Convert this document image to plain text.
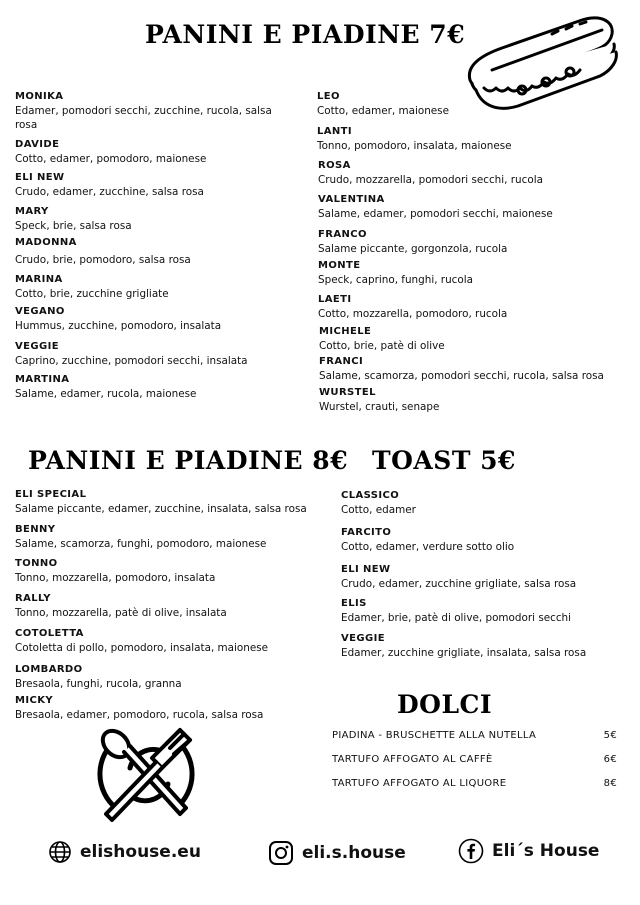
PANINI E PIADINE 7€
PANINI E PIADINE 8€ TOAST 5€
DOLCI
MONIKA
Edamer, pomodori secchi, zucchine, rucola, salsa rosa
DAVIDE
Cotto, edamer, pomodoro, maionese
ELI NEW
Crudo, edamer, zucchine, salsa rosa
MARY
Speck, brie, salsa rosa
MADONNA
Crudo, brie, pomodoro, salsa rosa
MARINA
Cotto, brie, zucchine grigliate
VEGANO
Hummus, zucchine, pomodoro, insalata
VEGGIE
Caprino, zucchine, pomodori secchi, insalata
MARTINA
Salame, edamer, rucola, maionese
LEO
Cotto, edamer, maionese
LANTI
Tonno, pomodoro, insalata, maionese
ROSA
Crudo, mozzarella, pomodori secchi, rucola
VALENTINA
Salame, edamer, pomodori secchi, maionese
FRANCO
Salame piccante, gorgonzola, rucola
MONTE
Speck, caprino, funghi, rucola
LAETI
Cotto, mozzarella, pomodoro, rucola
MICHELE
Cotto, brie, patè di olive
FRANCI
Salame, scamorza, pomodori secchi, rucola, salsa rosa
WURSTEL
Wurstel, crauti, senape
ELI SPECIAL
Salame piccante, edamer, zucchine, insalata, salsa rosa
BENNY
Salame, scamorza, funghi, pomodoro, maionese
TONNO
Tonno, mozzarella, pomodoro, insalata
RALLY
Tonno, mozzarella, patè di olive, insalata
COTOLETTA
Cotoletta di pollo, pomodoro, insalata, maionese
LOMBARDO
Bresaola, funghi, rucola, granna
MICKY
Bresaola, edamer, pomodoro, rucola, salsa rosa
CLASSICO
Cotto, edamer
FARCITO
Cotto, edamer, verdure sotto olio
ELI NEW
Crudo, edamer, zucchine grigliate, salsa rosa
ELIS
Edamer, brie, patè di olive, pomodori secchi
VEGGIE
Edamer, zucchine grigliate, insalata, salsa rosa
PIADINA - BRUSCHETTE ALLA NUTELLA	5€
TARTUFO AFFOGATO AL CAFFÈ	6€
TARTUFO AFFOGATO AL LIQUORE	8€
elishouse.eu	eli.s.house	Eli´s House
